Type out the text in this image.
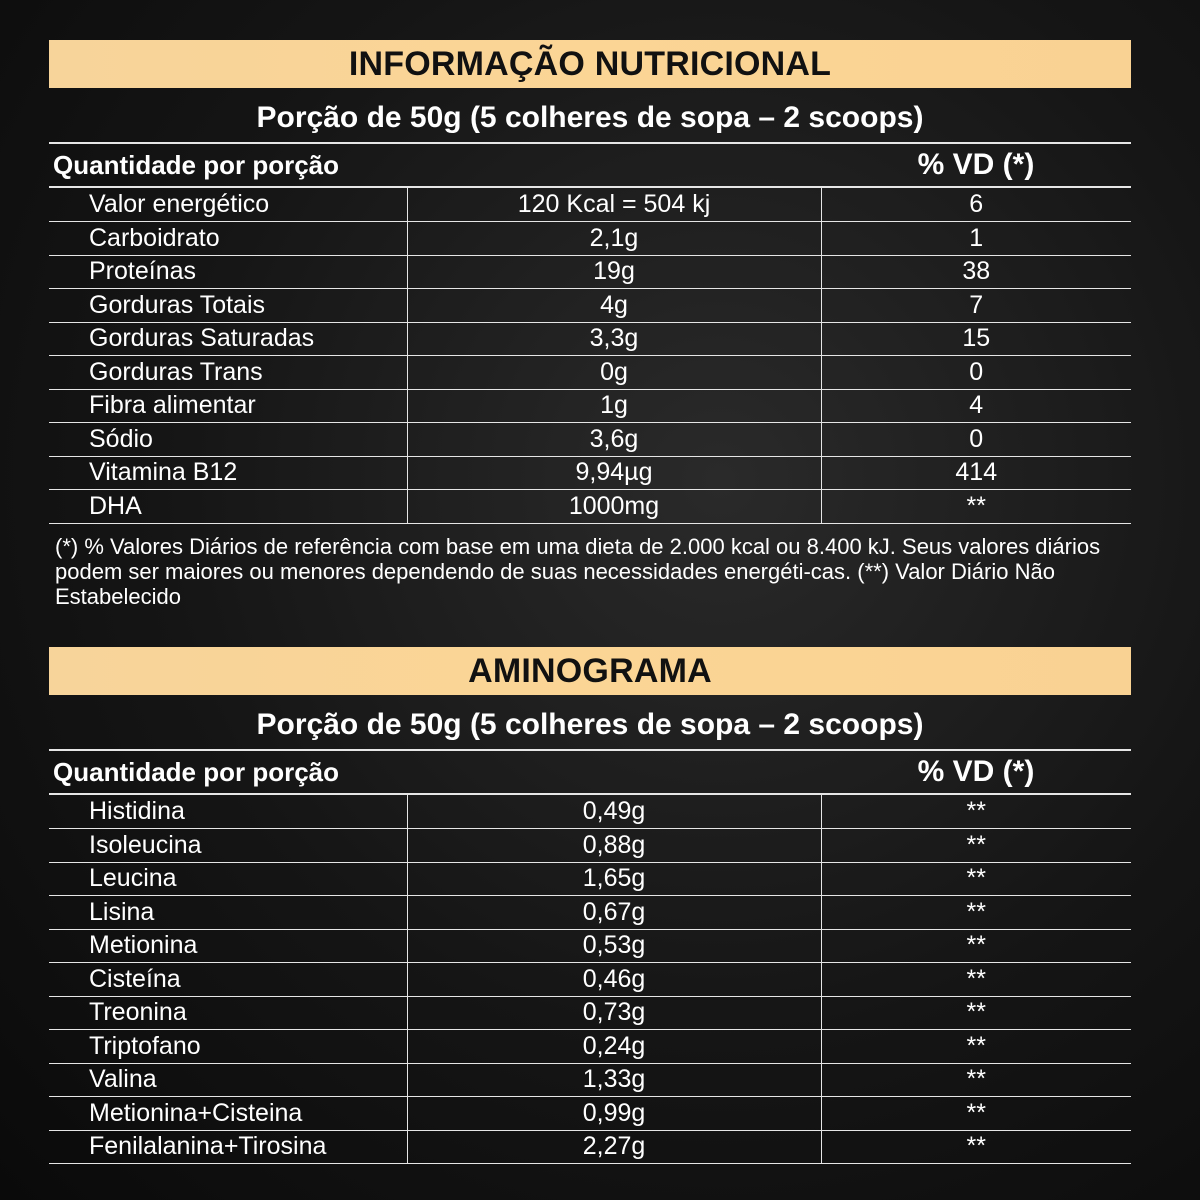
INFORMAÇÃO NUTRICIONAL
Porção de 50g (5 colheres de sopa – 2 scoops)
Quantidade por porção	% VD (*)
Valor energético	120 Kcal = 504 kj	6
Carboidrato	2,1g	1
Proteínas	19g	38
Gorduras Totais	4g	7
Gorduras Saturadas	3,3g	15
Gorduras Trans	0g	0
Fibra alimentar	1g	4
Sódio	3,6g	0
Vitamina B12	9,94µg	414
DHA	1000mg	**
(*) % Valores Diários de referência com base em uma dieta de 2.000 kcal ou 8.400 kJ. Seus valores diários podem ser maiores ou menores dependendo de suas necessidades energéti-cas. (**) Valor Diário Não Estabelecido
AMINOGRAMA
Porção de 50g (5 colheres de sopa – 2 scoops)
Quantidade por porção	% VD (*)
Histidina	0,49g	**
Isoleucina	0,88g	**
Leucina	1,65g	**
Lisina	0,67g	**
Metionina	0,53g	**
Cisteína	0,46g	**
Treonina	0,73g	**
Triptofano	0,24g	**
Valina	1,33g	**
Metionina+Cisteina	0,99g	**
Fenilalanina+Tirosina	2,27g	**
